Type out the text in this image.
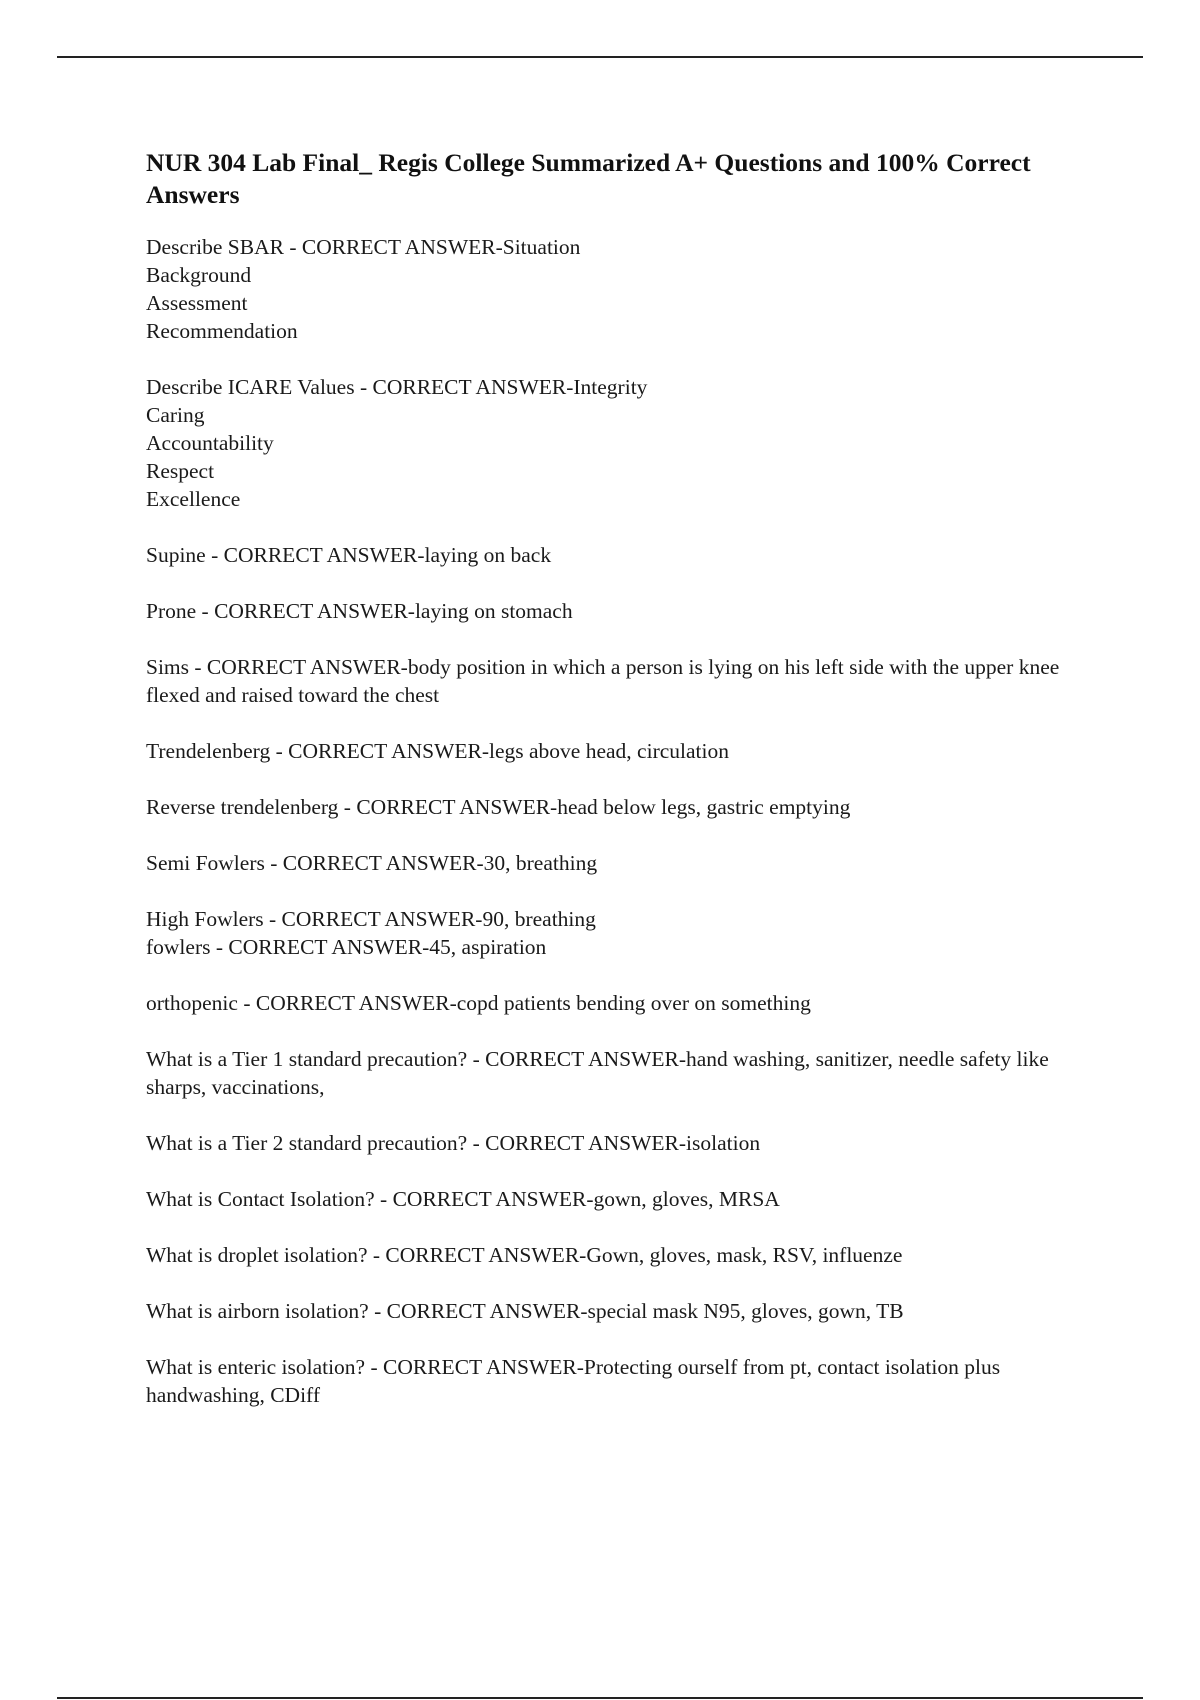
NUR 304 Lab Final_ Regis College Summarized A+ Questions and 100% Correct Answers

Describe SBAR - CORRECT ANSWER-Situation
Background
Assessment
Recommendation

Describe ICARE Values - CORRECT ANSWER-Integrity
Caring
Accountability
Respect
Excellence

Supine - CORRECT ANSWER-laying on back

Prone - CORRECT ANSWER-laying on stomach

Sims - CORRECT ANSWER-body position in which a person is lying on his left side with the upper knee flexed and raised toward the chest

Trendelenberg - CORRECT ANSWER-legs above head, circulation

Reverse trendelenberg - CORRECT ANSWER-head below legs, gastric emptying

Semi Fowlers - CORRECT ANSWER-30, breathing

High Fowlers - CORRECT ANSWER-90, breathing

fowlers - CORRECT ANSWER-45, aspiration

orthopenic - CORRECT ANSWER-copd patients bending over on something

What is a Tier 1 standard precaution? - CORRECT ANSWER-hand washing, sanitizer, needle safety like sharps, vaccinations,

What is a Tier 2 standard precaution? - CORRECT ANSWER-isolation

What is Contact Isolation? - CORRECT ANSWER-gown, gloves, MRSA

What is droplet isolation? - CORRECT ANSWER-Gown, gloves, mask, RSV, influenze

What is airborn isolation? - CORRECT ANSWER-special mask N95, gloves, gown, TB

What is enteric isolation? - CORRECT ANSWER-Protecting ourself from pt, contact isolation plus handwashing, CDiff
